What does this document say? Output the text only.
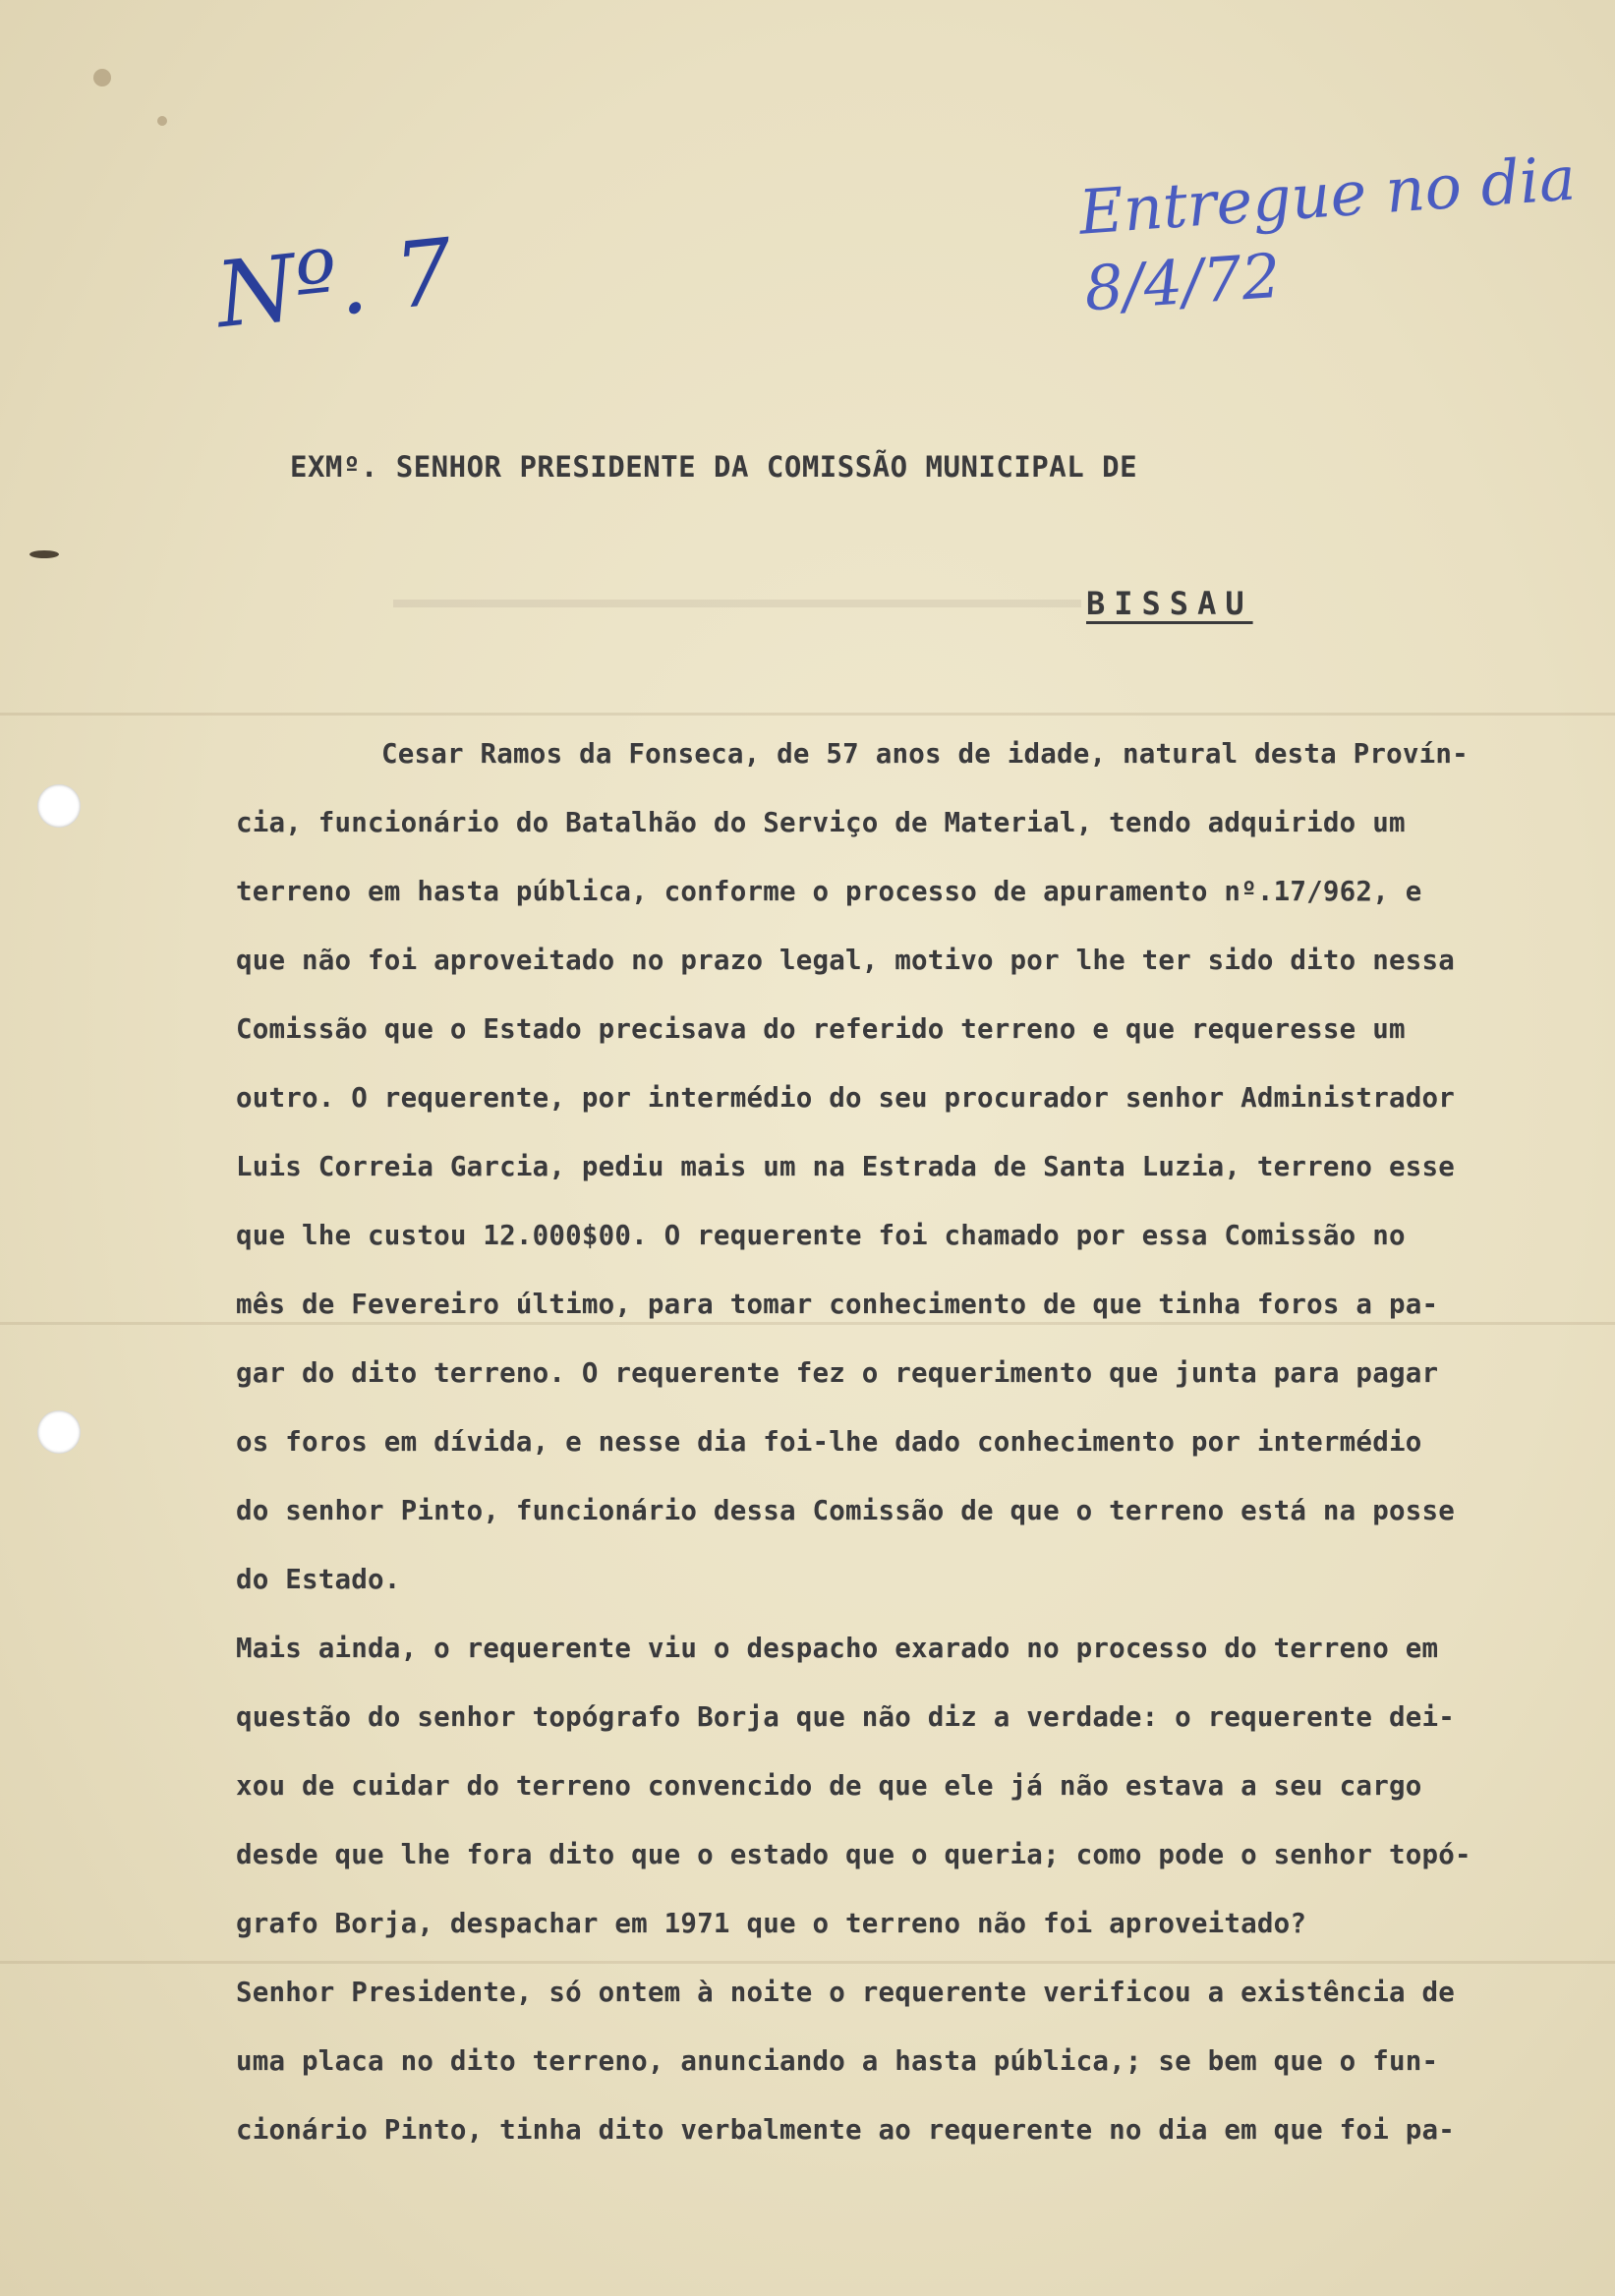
Nº. 7
Entregue no dia
8/4/72
EXMº. SENHOR PRESIDENTE DA COMISSÃO MUNICIPAL DE
BISSAU
Cesar Ramos da Fonseca, de 57 anos de idade, natural desta Provín-
cia, funcionário do Batalhão do Serviço de Material, tendo adquirido um
terreno em hasta pública, conforme o processo de apuramento nº.17/962, e
que não foi aproveitado no prazo legal, motivo por lhe ter sido dito nessa
Comissão que o Estado precisava do referido terreno e que requeresse um
outro. O requerente, por intermédio do seu procurador senhor Administrador
Luis Correia Garcia, pediu mais um na Estrada de Santa Luzia, terreno esse
que lhe custou 12.000$00. O requerente foi chamado por essa Comissão no
mês de Fevereiro último, para tomar conhecimento de que tinha foros a pa-
gar do dito terreno. O requerente fez o requerimento que junta para pagar
os foros em dívida, e nesse dia foi-lhe dado conhecimento por intermédio
do senhor Pinto, funcionário dessa Comissão de que o terreno está na posse
do Estado.
Mais ainda, o requerente viu o despacho exarado no processo do terreno em
questão do senhor topógrafo Borja que não diz a verdade: o requerente dei-
xou de cuidar do terreno convencido de que ele já não estava a seu cargo
desde que lhe fora dito que o estado que o queria; como pode o senhor topó-
grafo Borja, despachar em 1971 que o terreno não foi aproveitado?
Senhor Presidente, só ontem à noite o requerente verificou a existência de
uma placa no dito terreno, anunciando a hasta pública,; se bem que o fun-
cionário Pinto, tinha dito verbalmente ao requerente no dia em que foi pa-
